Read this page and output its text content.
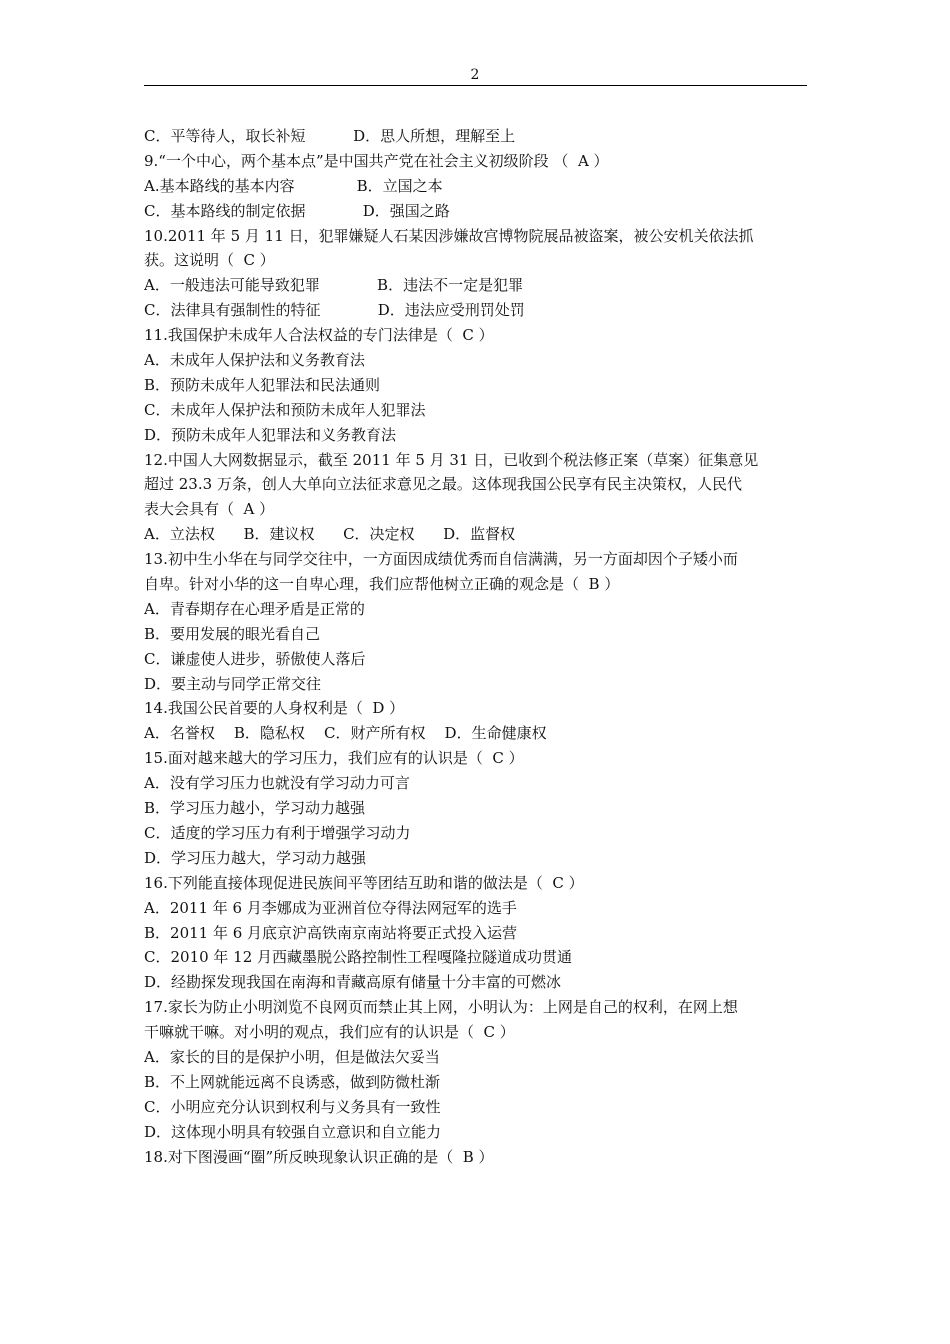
2
C．平等待人，取长补短          D．思人所想，理解至上
9.“一个中心，两个基本点”是中国共产党在社会主义初级阶段 （  A ）
A.基本路线的基本内容             B．立国之本
C．基本路线的制定依据            D．强国之路
10.2011 年 5 月 11 日，犯罪嫌疑人石某因涉嫌故宫博物院展品被盗案，被公安机关依法抓
获。这说明（  C ）
A．一般违法可能导致犯罪            B．违法不一定是犯罪
C．法律具有强制性的特征            D．违法应受刑罚处罚
11.我国保护未成年人合法权益的专门法律是（  C ）
A．未成年人保护法和义务教育法
B．预防未成年人犯罪法和民法通则
C．未成年人保护法和预防未成年人犯罪法
D．预防未成年人犯罪法和义务教育法
12.中国人大网数据显示，截至 2011 年 5 月 31 日，已收到个税法修正案（草案）征集意见
超过 23.3 万条，创人大单向立法征求意见之最。这体现我国公民享有民主决策权，人民代
表大会具有（  A ）
A．立法权      B．建议权      C．决定权      D．监督权
13.初中生小华在与同学交往中，一方面因成绩优秀而自信满满，另一方面却因个子矮小而
自卑。针对小华的这一自卑心理，我们应帮他树立正确的观念是（  B ）
A．青春期存在心理矛盾是正常的
B．要用发展的眼光看自己
C．谦虚使人进步，骄傲使人落后
D．要主动与同学正常交往
14.我国公民首要的人身权利是（  D ）
A．名誉权    B．隐私权    C．财产所有权    D．生命健康权
15.面对越来越大的学习压力，我们应有的认识是（  C ）
A．没有学习压力也就没有学习动力可言
B．学习压力越小，学习动力越强
C．适度的学习压力有利于增强学习动力
D．学习压力越大，学习动力越强
16.下列能直接体现促进民族间平等团结互助和谐的做法是（  C ）
A．2011 年 6 月李娜成为亚洲首位夺得法网冠军的选手
B．2011 年 6 月底京沪高铁南京南站将要正式投入运营
C．2010 年 12 月西藏墨脱公路控制性工程嘎隆拉隧道成功贯通
D．经勘探发现我国在南海和青藏高原有储量十分丰富的可燃冰
17.家长为防止小明浏览不良网页而禁止其上网，小明认为：上网是自己的权利，在网上想
干嘛就干嘛。对小明的观点，我们应有的认识是（  C ）
A．家长的目的是保护小明，但是做法欠妥当
B．不上网就能远离不良诱惑，做到防微杜渐
C．小明应充分认识到权利与义务具有一致性
D．这体现小明具有较强自立意识和自立能力
18.对下图漫画“圈”所反映现象认识正确的是（  B ）
